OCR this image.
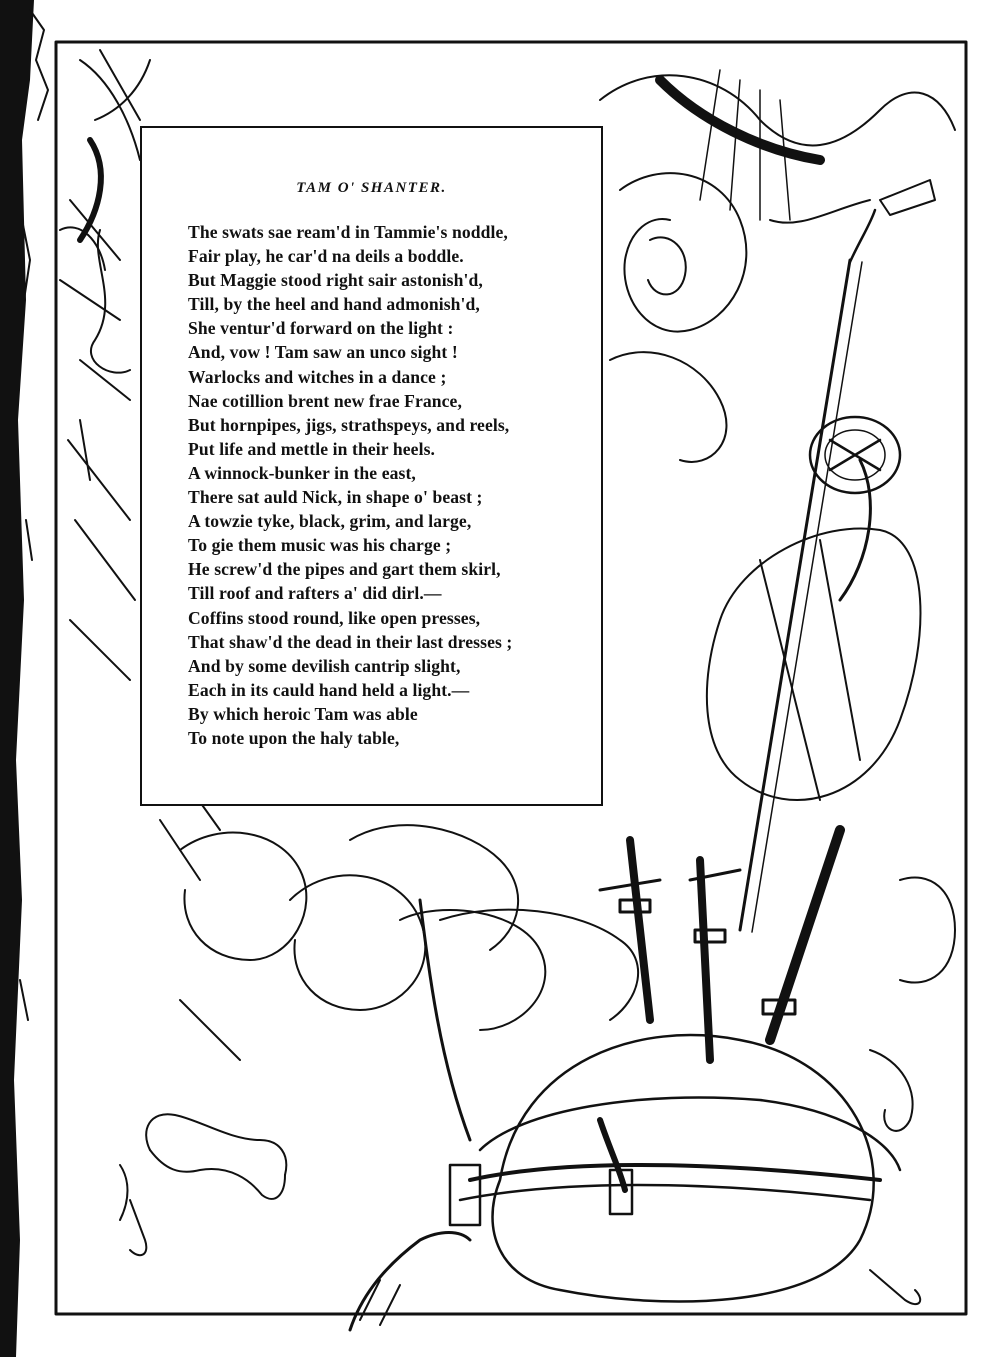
TAM O' SHANTER.
The swats sae ream'd in Tammie's noddle,
Fair play, he car'd na deils a boddle.
But Maggie stood right sair astonish'd,
Till, by the heel and hand admonish'd,
She ventur'd forward on the light :
And, vow ! Tam saw an unco sight !
Warlocks and witches in a dance ;
Nae cotillion brent new frae France,
But hornpipes, jigs, strathspeys, and reels,
Put life and mettle in their heels.
A winnock-bunker in the east,
There sat auld Nick, in shape o' beast ;
A towzie tyke, black, grim, and large,
To gie them music was his charge ;
He screw'd the pipes and gart them skirl,
Till roof and rafters a' did dirl.—
Coffins stood round, like open presses,
That shaw'd the dead in their last dresses ;
And by some devilish cantrip slight,
Each in its cauld hand held a light.—
By which heroic Tam was able
To note upon the haly table,
